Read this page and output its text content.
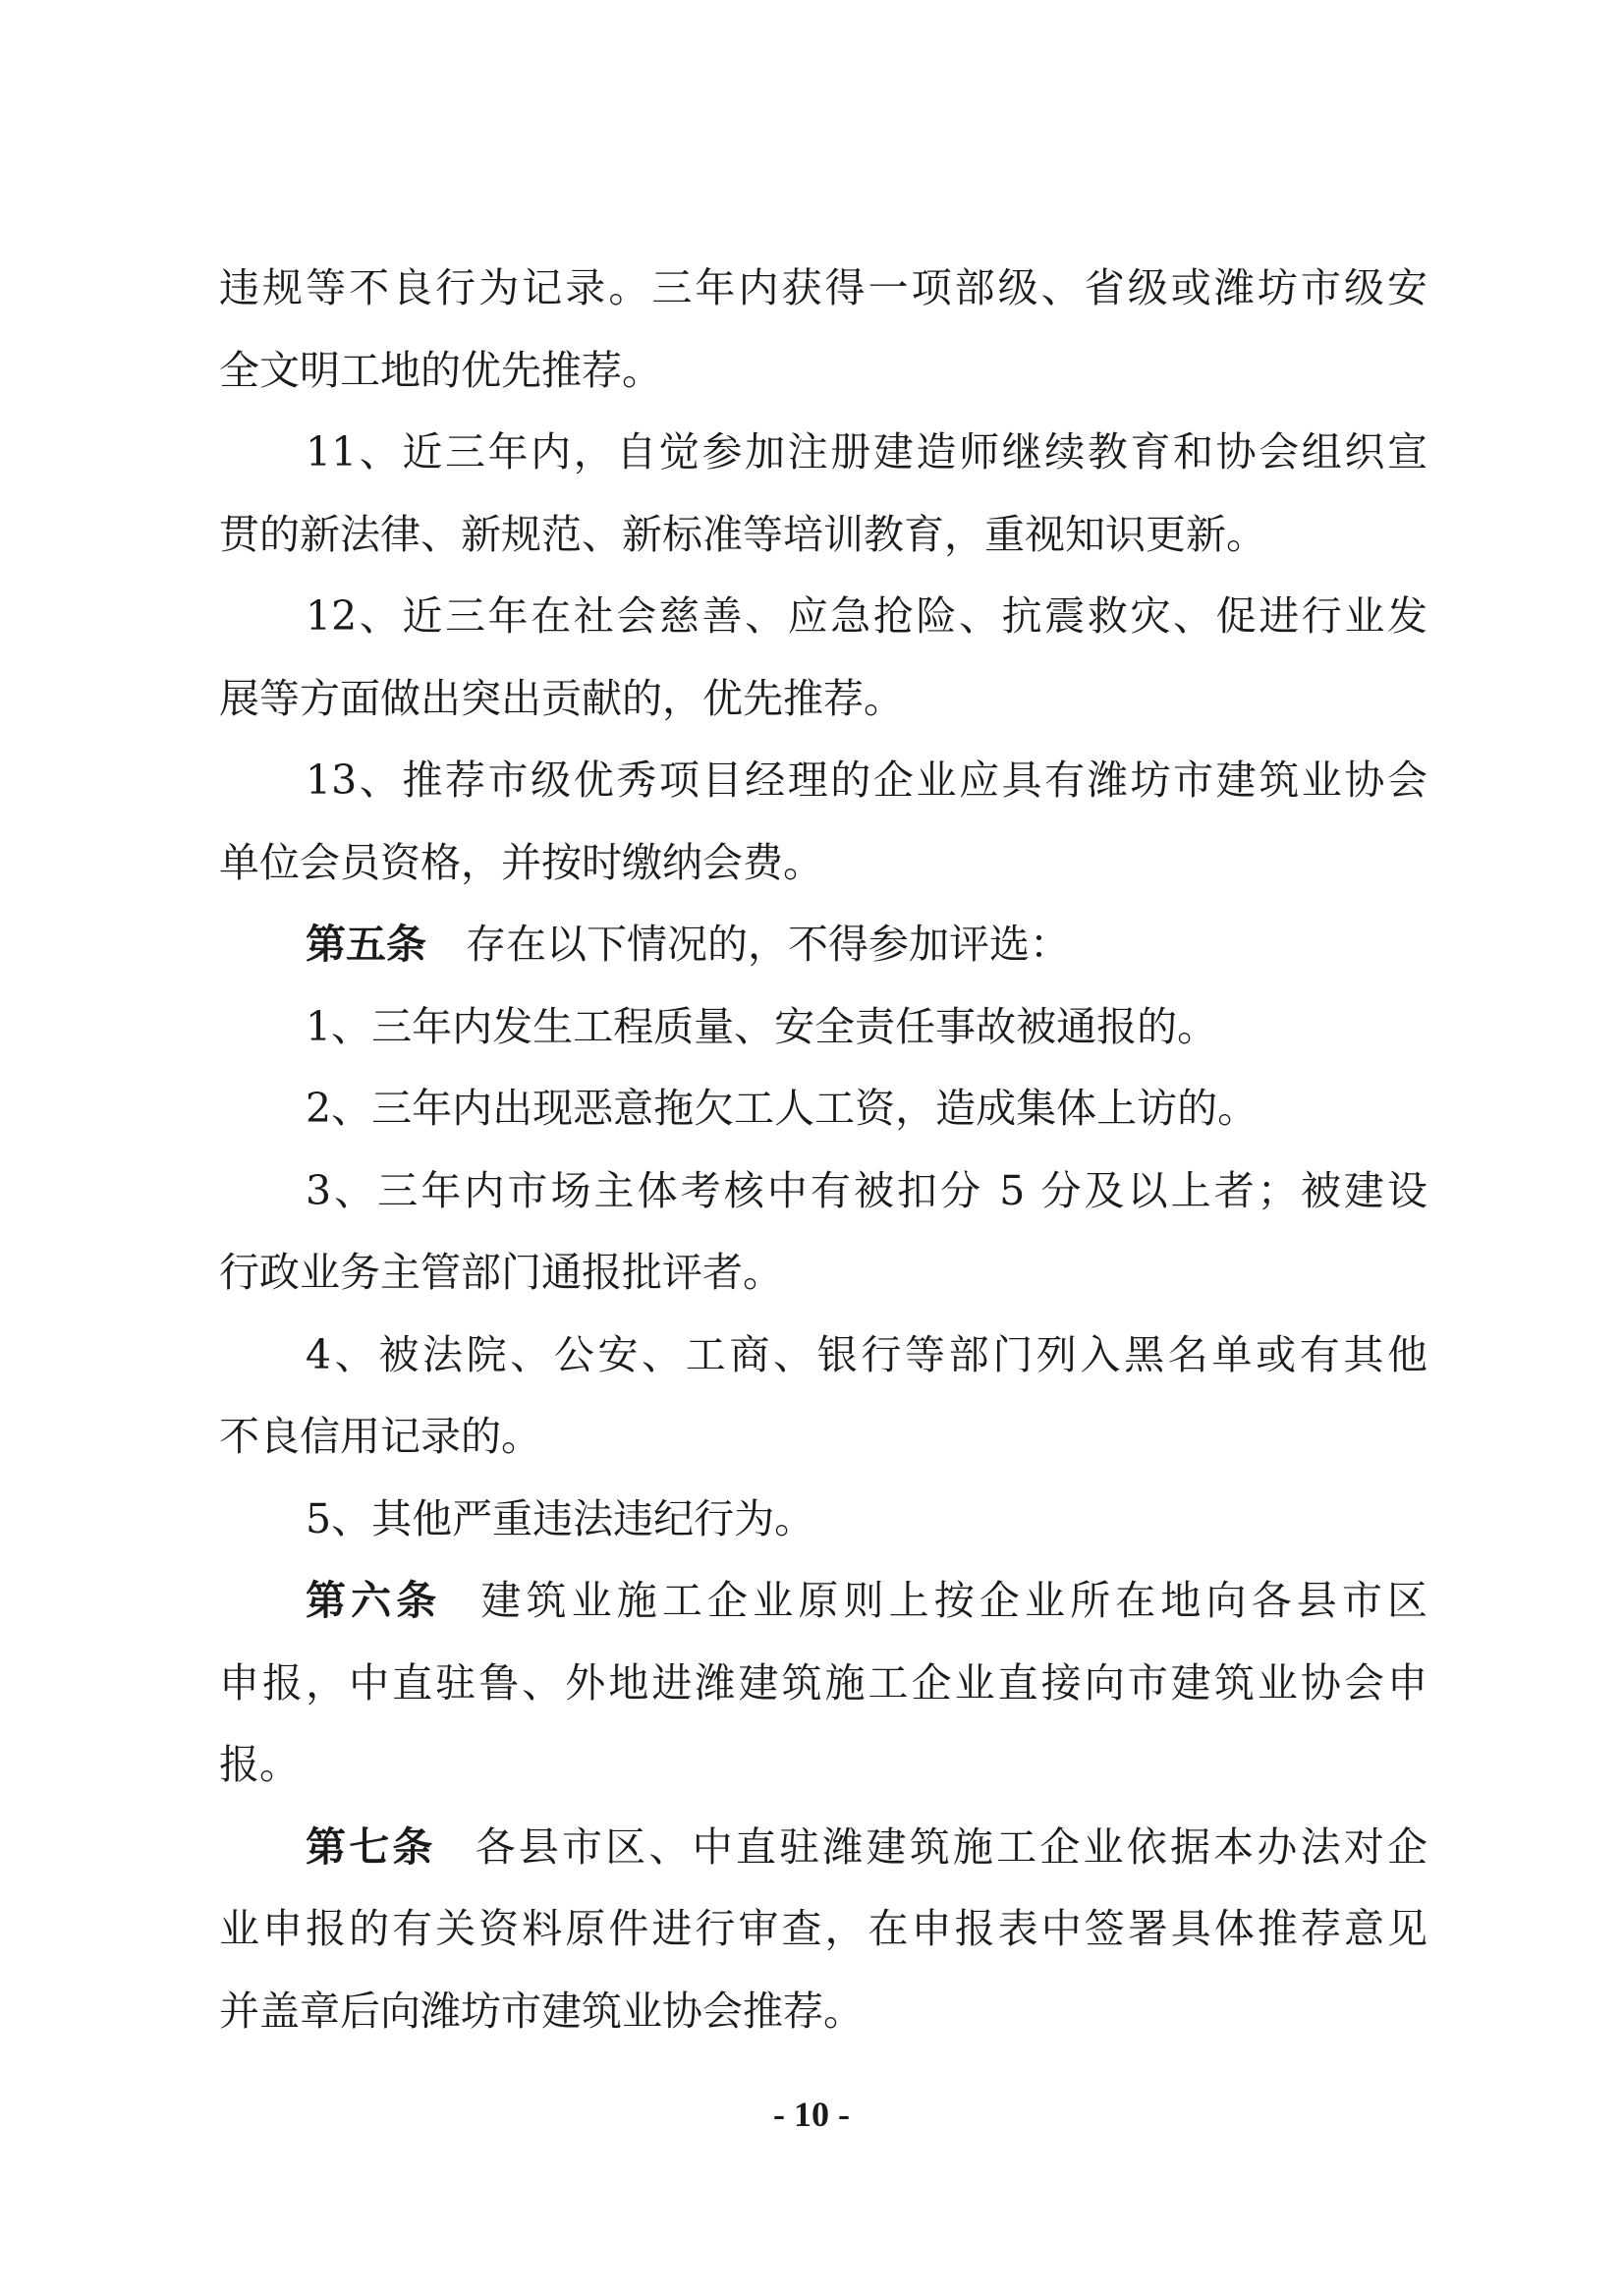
违规等不良行为记录。三年内获得一项部级、省级或潍坊市级安
全文明工地的优先推荐。
11、近三年内，自觉参加注册建造师继续教育和协会组织宣
贯的新法律、新规范、新标准等培训教育，重视知识更新。
12、近三年在社会慈善、应急抢险、抗震救灾、促进行业发
展等方面做出突出贡献的，优先推荐。
13、推荐市级优秀项目经理的企业应具有潍坊市建筑业协会
单位会员资格，并按时缴纳会费。
第五条 存在以下情况的，不得参加评选：
1、三年内发生工程质量、安全责任事故被通报的。
2、三年内出现恶意拖欠工人工资，造成集体上访的。
3、三年内市场主体考核中有被扣分 5 分及以上者；被建设
行政业务主管部门通报批评者。
4、被法院、公安、工商、银行等部门列入黑名单或有其他
不良信用记录的。
5、其他严重违法违纪行为。
第六条 建筑业施工企业原则上按企业所在地向各县市区
申报，中直驻鲁、外地进潍建筑施工企业直接向市建筑业协会申
报。
第七条 各县市区、中直驻潍建筑施工企业依据本办法对企
业申报的有关资料原件进行审查，在申报表中签署具体推荐意见
并盖章后向潍坊市建筑业协会推荐。
- 10 -
